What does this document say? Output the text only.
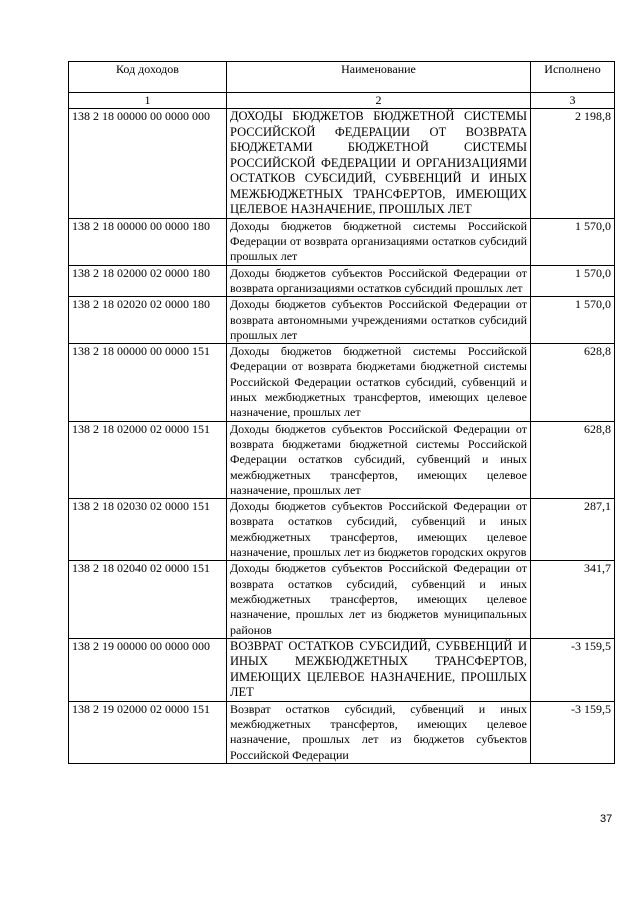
Код доходов	Наименование	Исполнено
1	2	3
138 2 18 00000 00 0000 000	ДОХОДЫ БЮДЖЕТОВ БЮДЖЕТНОЙ СИСТЕМЫ РОССИЙСКОЙ ФЕДЕРАЦИИ ОТ ВОЗВРАТА БЮДЖЕТАМИ БЮДЖЕТНОЙ СИСТЕМЫ РОССИЙСКОЙ ФЕДЕРАЦИИ И ОРГАНИЗАЦИЯМИ ОСТАТКОВ СУБСИДИЙ, СУБВЕНЦИЙ И ИНЫХ МЕЖБЮДЖЕТНЫХ ТРАНСФЕРТОВ, ИМЕЮЩИХ ЦЕЛЕВОЕ НАЗНАЧЕНИЕ, ПРОШЛЫХ ЛЕТ	2 198,8
138 2 18 00000 00 0000 180	Доходы бюджетов бюджетной системы Российской Федерации от возврата организациями остатков субсидий прошлых лет	1 570,0
138 2 18 02000 02 0000 180	Доходы бюджетов субъектов Российской Федерации от возврата организациями остатков субсидий прошлых лет	1 570,0
138 2 18 02020 02 0000 180	Доходы бюджетов субъектов Российской Федерации от возврата автономными учреждениями остатков субсидий прошлых лет	1 570,0
138 2 18 00000 00 0000 151	Доходы бюджетов бюджетной системы Российской Федерации от возврата бюджетами бюджетной системы Российской Федерации остатков субсидий, субвенций и иных межбюджетных трансфертов, имеющих целевое назначение, прошлых лет	628,8
138 2 18 02000 02 0000 151	Доходы бюджетов субъектов Российской Федерации от возврата бюджетами бюджетной системы Российской Федерации остатков субсидий, субвенций и иных межбюджетных трансфертов, имеющих целевое назначение, прошлых лет	628,8
138 2 18 02030 02 0000 151	Доходы бюджетов субъектов Российской Федерации от возврата остатков субсидий, субвенций и иных межбюджетных трансфертов, имеющих целевое назначение, прошлых лет из бюджетов городских округов	287,1
138 2 18 02040 02 0000 151	Доходы бюджетов субъектов Российской Федерации от возврата остатков субсидий, субвенций и иных межбюджетных трансфертов, имеющих целевое назначение, прошлых лет из бюджетов муниципальных районов	341,7
138 2 19 00000 00 0000 000	ВОЗВРАТ ОСТАТКОВ СУБСИДИЙ, СУБВЕНЦИЙ И ИНЫХ МЕЖБЮДЖЕТНЫХ ТРАНСФЕРТОВ, ИМЕЮЩИХ ЦЕЛЕВОЕ НАЗНАЧЕНИЕ, ПРОШЛЫХ ЛЕТ	-3 159,5
138 2 19 02000 02 0000 151	Возврат остатков субсидий, субвенций и иных межбюджетных трансфертов, имеющих целевое назначение, прошлых лет из бюджетов субъектов Российской Федерации	-3 159,5
37
